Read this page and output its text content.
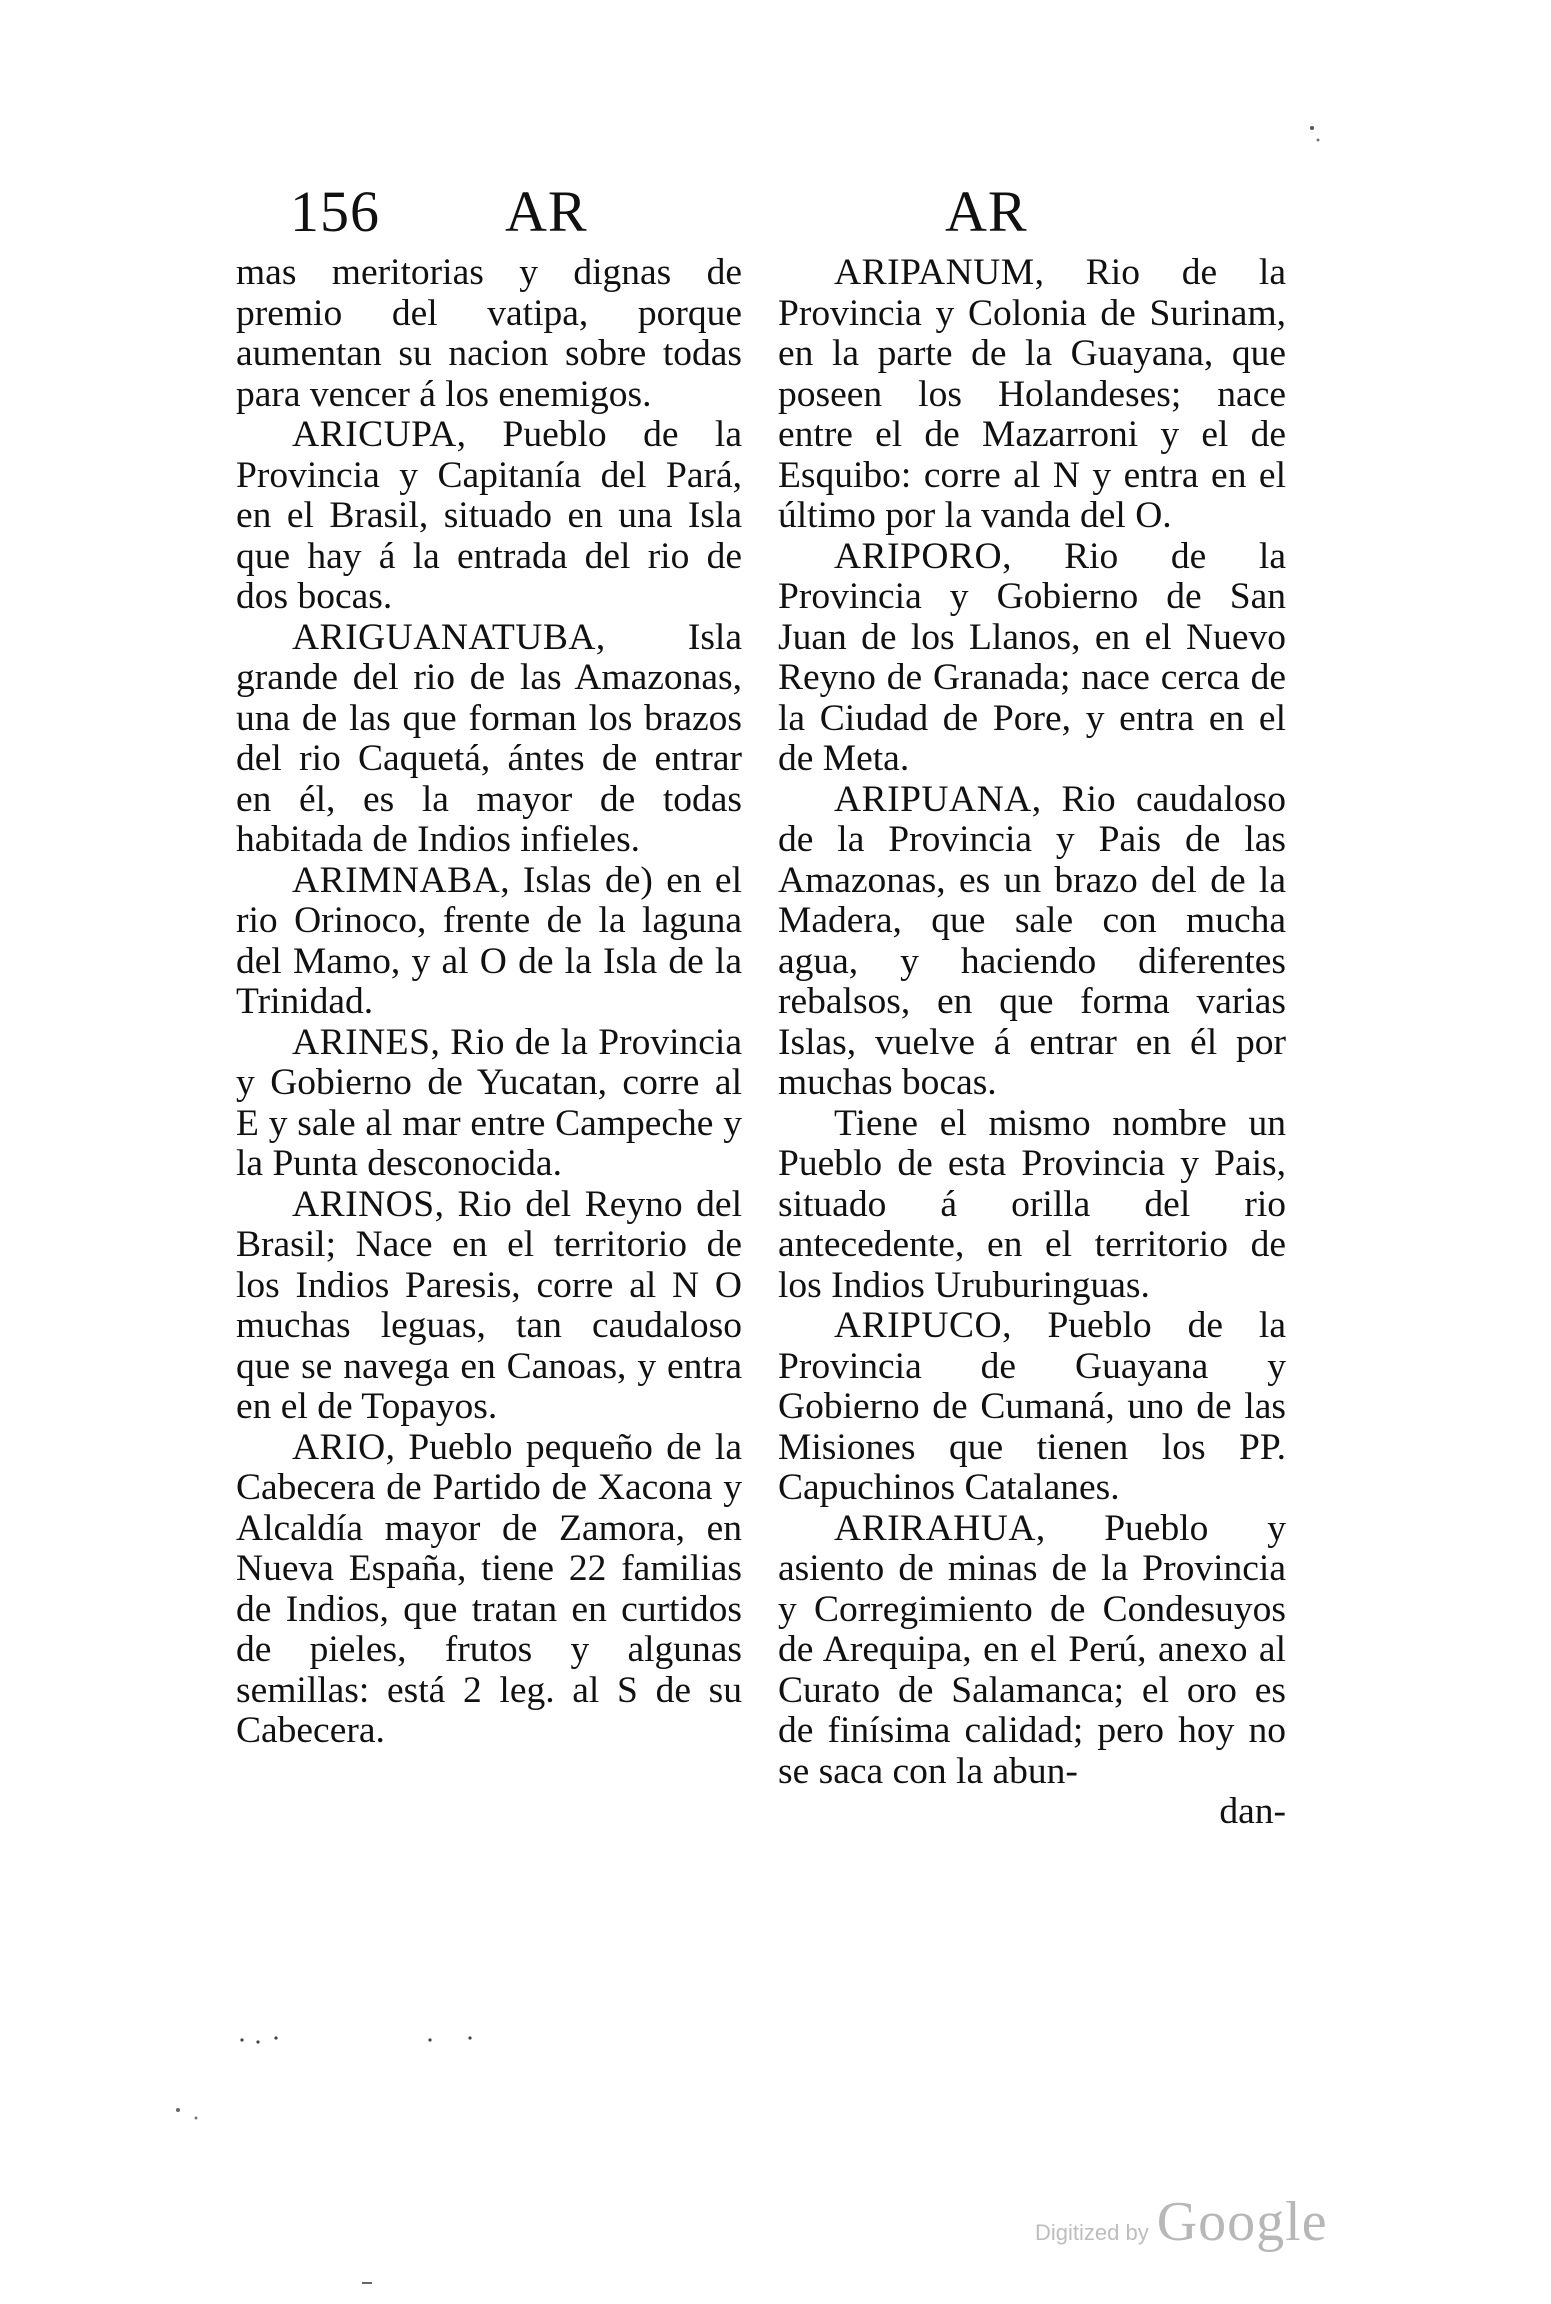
156 AR	AR

mas meritorias y dignas de premio del vatipa, porque aumentan su nacion sobre todas para vencer á los enemigos.

ARICUPA, Pueblo de la Provincia y Capitanía del Pará, en el Brasil, situado en una Isla que hay á la entrada del rio de dos bocas.

ARIGUANATUBA, Isla grande del rio de las Amazonas, una de las que forman los brazos del rio Caquetá, ántes de entrar en él, es la mayor de todas habitada de Indios infieles.

ARIMNABA, Islas de) en el rio Orinoco, frente de la laguna del Mamo, y al O de la Isla de la Trinidad.

ARINES, Rio de la Provincia y Gobierno de Yucatan, corre al E y sale al mar entre Campeche y la Punta desconocida.

ARINOS, Rio del Reyno del Brasil; Nace en el territorio de los Indios Paresis, corre al N O muchas leguas, tan caudaloso que se navega en Canoas, y entra en el de Topayos.

ARIO, Pueblo pequeño de la Cabecera de Partido de Xacona y Alcaldía mayor de Zamora, en Nueva España, tiene 22 familias de Indios, que tratan en curtidos de pieles, frutos y algunas semillas: está 2 leg. al S de su Cabecera.

ARIPANUM, Rio de la Provincia y Colonia de Surinam, en la parte de la Guayana, que poseen los Holandeses; nace entre el de Mazarroni y el de Esquibo: corre al N y entra en el último por la vanda del O.

ARIPORO, Rio de la Provincia y Gobierno de San Juan de los Llanos, en el Nuevo Reyno de Granada; nace cerca de la Ciudad de Pore, y entra en el de Meta.

ARIPUANA, Rio caudaloso de la Provincia y Pais de las Amazonas, es un brazo del de la Madera, que sale con mucha agua, y haciendo diferentes rebalsos, en que forma varias Islas, vuelve á entrar en él por muchas bocas.

Tiene el mismo nombre un Pueblo de esta Provincia y Pais, situado á orilla del rio antecedente, en el territorio de los Indios Uruburinguas.

ARIPUCO, Pueblo de la Provincia de Guayana y Gobierno de Cumaná, uno de las Misiones que tienen los PP. Capuchinos Catalanes.

ARIRAHUA, Pueblo y asiento de minas de la Provincia y Corregimiento de Condesuyos de Arequipa, en el Perú, anexo al Curato de Salamanca; el oro es de finísima calidad; pero hoy no se saca con la abun-

dan-

Digitized by Google
